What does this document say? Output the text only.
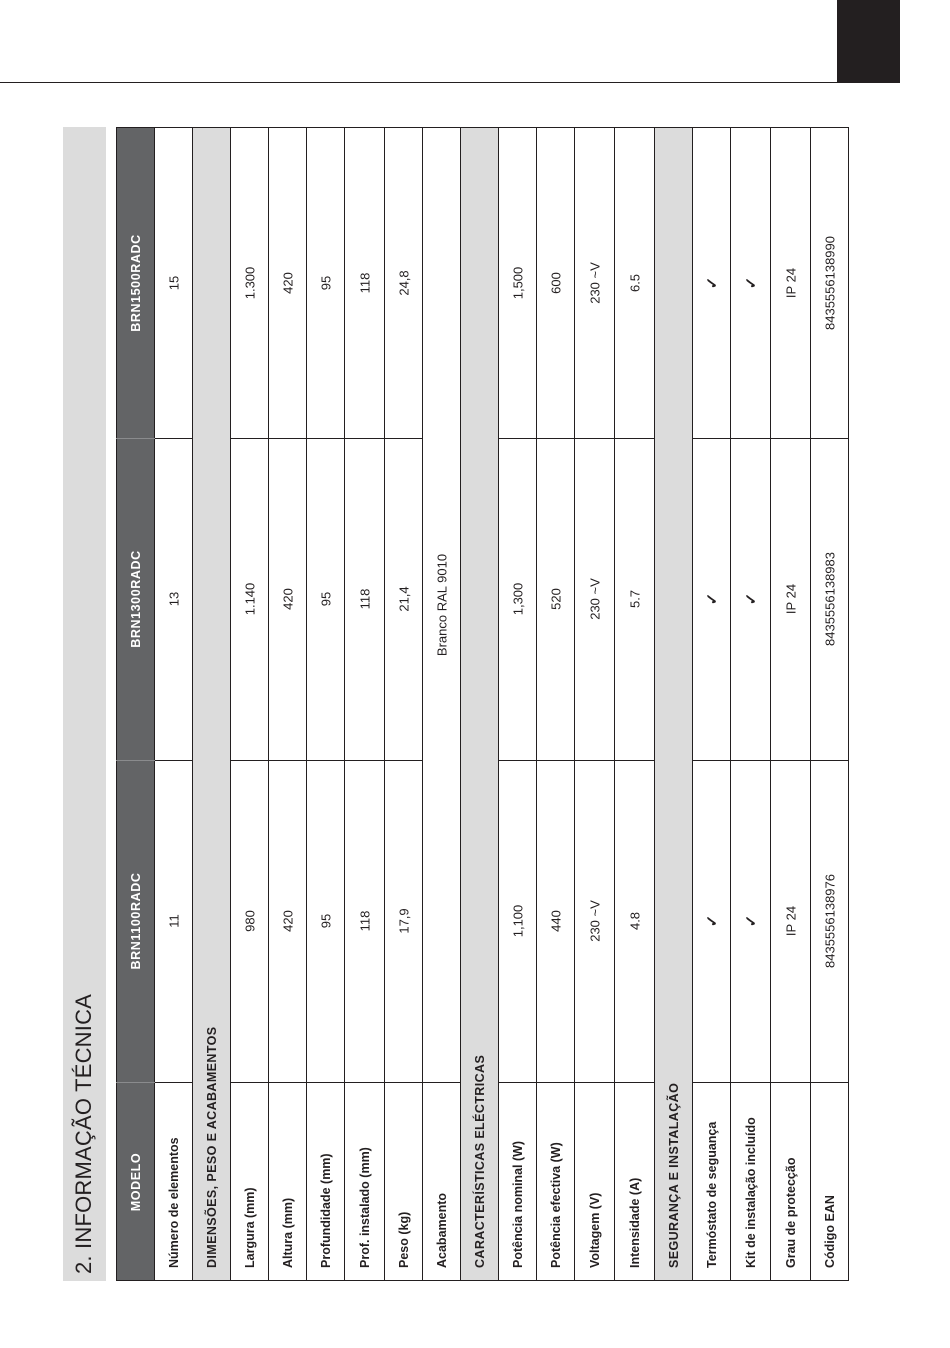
2. INFORMAÇÃO TÉCNICA	MODELO
BRN1100RADC
BRN1300RADC
BRN1500RADC
Número de elementos
11
13
15
DIMENSÕES, PESO E ACABAMENTOS Largura (mm)
980
1.140
1.300
Altura (mm)
420
420
420
Profundidade (mm)
95
95
95
Prof. instalado (mm)
118
118
118
Peso (kg)
17,9
21,4
24,8
Acabamento
Branco RAL 9010
CARACTERÍSTICAS ELÉCTRICAS Potência nominal (W)
1,100
1,300
1,500
Potência efectiva (W)
440
520
600
Voltagem (V)
230 ~V
230 ~V
230 ~V
Intensidade (A)
4.8
5.7
6.5
SEGURANÇA E INSTALAÇÃO Termóstato de seguança
✓
✓
✓
Kit de instalação incluído
✓
✓
✓
Grau de protecção
IP 24
IP 24
IP 24
Código EAN
8435556138976
8435556138983
8435556138990
